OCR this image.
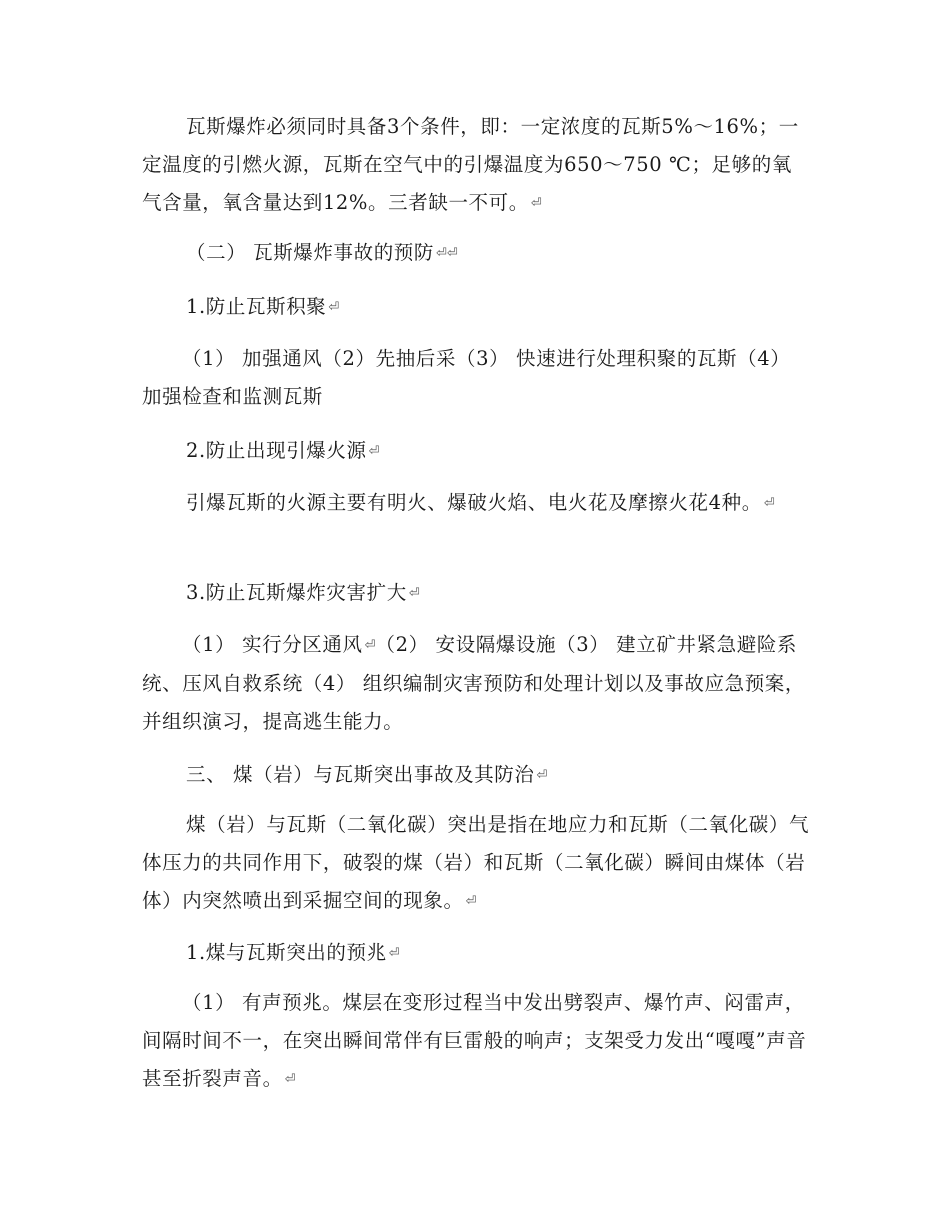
瓦斯爆炸必须同时具备3个条件，即：一定浓度的瓦斯5%～16%；一定温度的引燃火源，瓦斯在空气中的引爆温度为650～750 ℃；足够的氧气含量，氧含量达到12%。三者缺一不可。 ⏎

（二） 瓦斯爆炸事故的预防 ⏎⏎

1.防止瓦斯积聚 ⏎

（1） 加强通风（2）先抽后采（3） 快速进行处理积聚的瓦斯（4） 加强检查和监测瓦斯

2.防止出现引爆火源 ⏎

引爆瓦斯的火源主要有明火、爆破火焰、电火花及摩擦火花4种。 ⏎

3.防止瓦斯爆炸灾害扩大 ⏎

（1） 实行分区通风 ⏎（2） 安设隔爆设施（3） 建立矿井紧急避险系统、压风自救系统（4） 组织编制灾害预防和处理计划以及事故应急预案，并组织演习，提高逃生能力。

三、 煤（岩）与瓦斯突出事故及其防治 ⏎

煤（岩）与瓦斯（二氧化碳）突出是指在地应力和瓦斯（二氧化碳）气体压力的共同作用下，破裂的煤（岩）和瓦斯（二氧化碳）瞬间由煤体（岩体）内突然喷出到采掘空间的现象。 ⏎

1.煤与瓦斯突出的预兆 ⏎

（1） 有声预兆。煤层在变形过程当中发出劈裂声、爆竹声、闷雷声，间隔时间不一，在突出瞬间常伴有巨雷般的响声；支架受力发出“嘎嘎”声音甚至折裂声音。 ⏎
